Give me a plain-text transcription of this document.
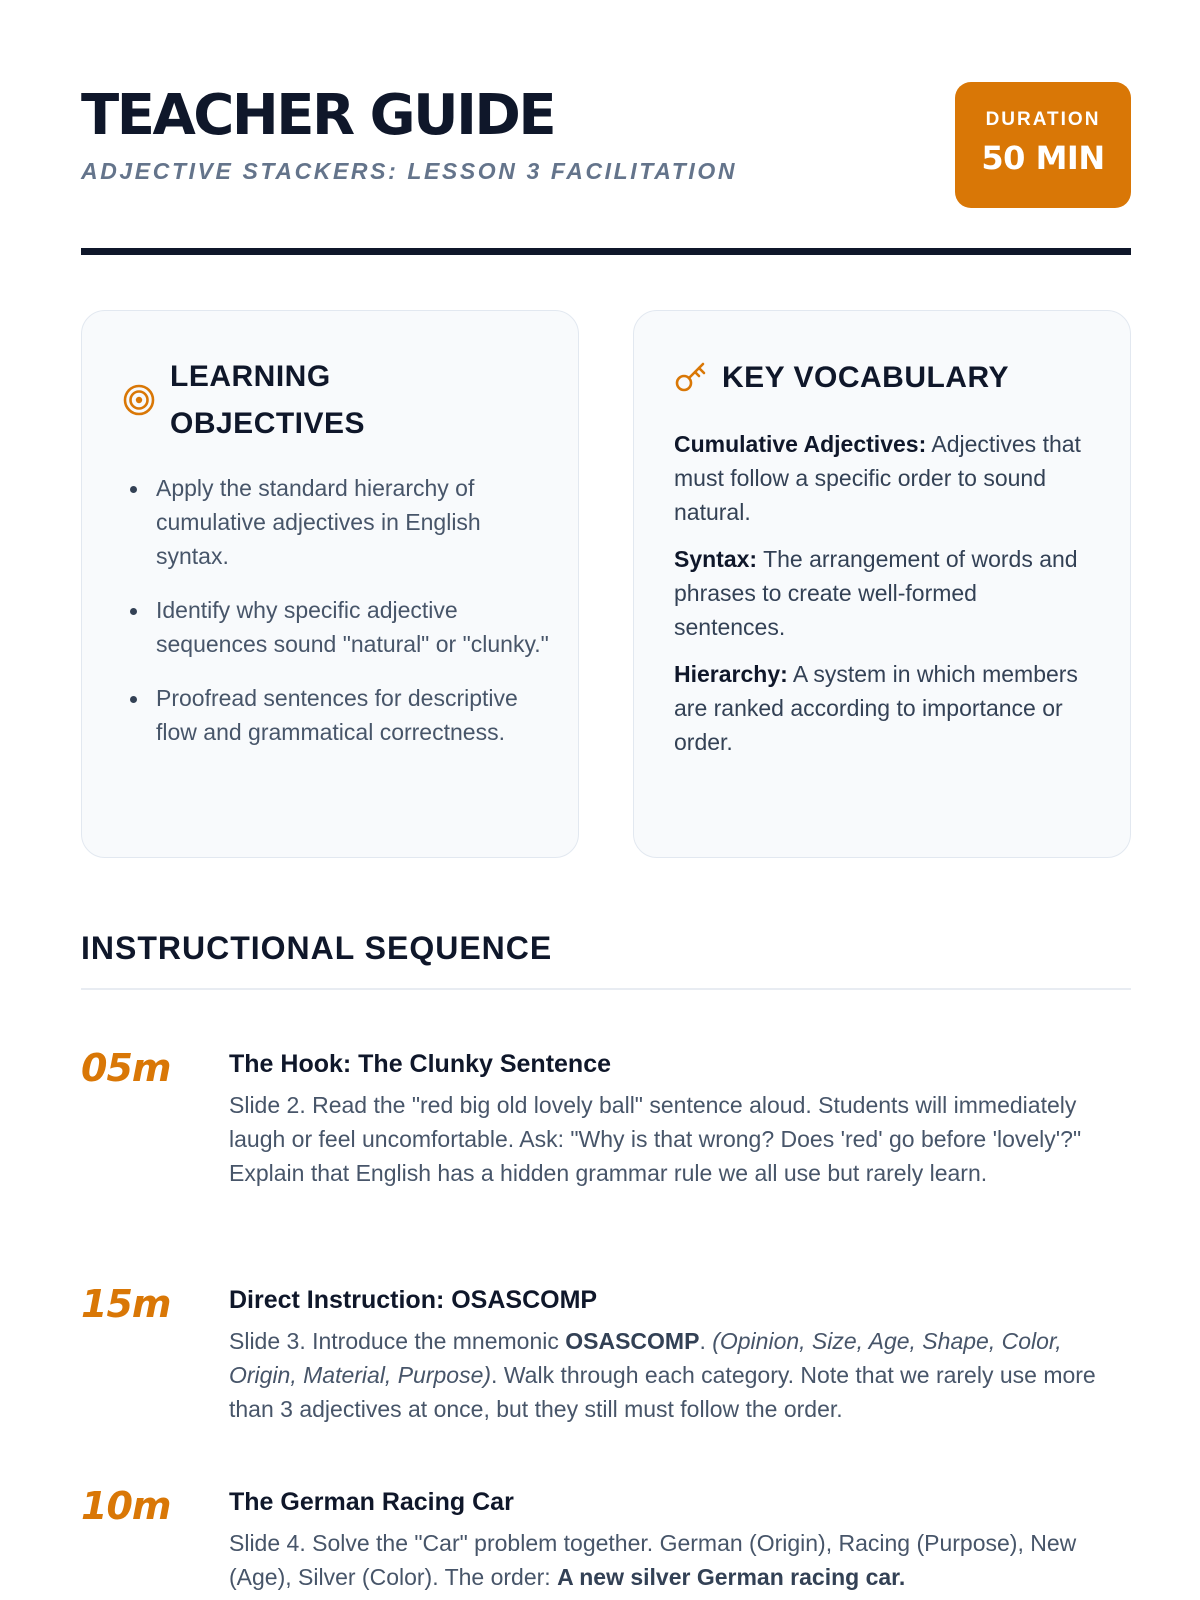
TEACHER GUIDE
ADJECTIVE STACKERS: LESSON 3 FACILITATION
DURATION
50 MIN
LEARNING OBJECTIVES
Apply the standard hierarchy of cumulative adjectives in English syntax.
Identify why specific adjective sequences sound "natural" or "clunky."
Proofread sentences for descriptive flow and grammatical correctness.
KEY VOCABULARY

Cumulative Adjectives: Adjectives that must follow a specific order to sound natural.

Syntax: The arrangement of words and phrases to create well-formed sentences.

Hierarchy: A system in which members are ranked according to importance or order.

INSTRUCTIONAL SEQUENCE
05m The Hook: The Clunky Sentence
Slide 2. Read the "red big old lovely ball" sentence aloud. Students will immediately laugh or feel uncomfortable. Ask: "Why is that wrong? Does 'red' go before 'lovely'?" Explain that English has a hidden grammar rule we all use but rarely learn.
15m Direct Instruction: OSASCOMP
Slide 3. Introduce the mnemonic OSASCOMP. (Opinion, Size, Age, Shape, Color, Origin, Material, Purpose). Walk through each category. Note that we rarely use more than 3 adjectives at once, but they still must follow the order.
10m The German Racing Car
Slide 4. Solve the "Car" problem together. German (Origin), Racing (Purpose), New (Age), Silver (Color). The order: A new silver German racing car.
